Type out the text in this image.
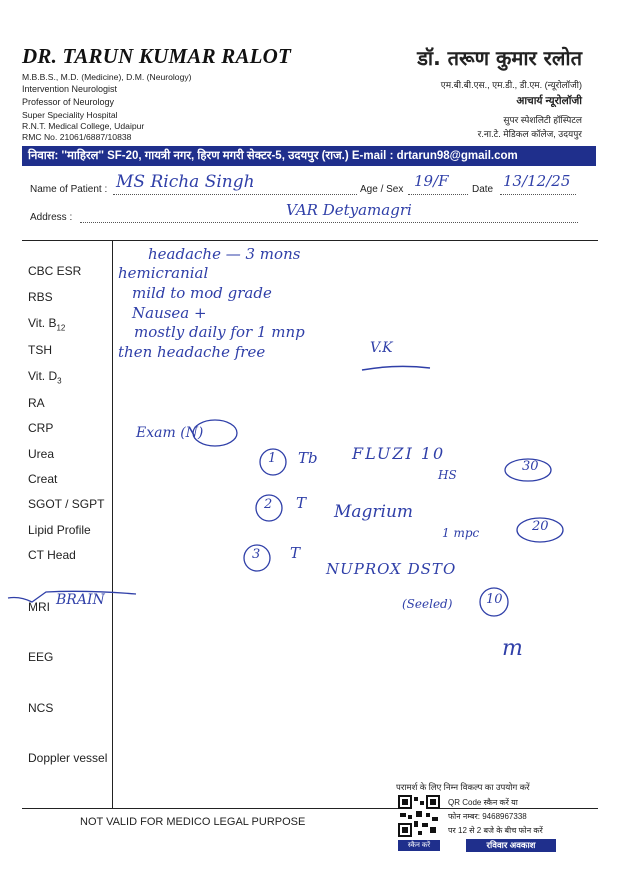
DR. TARUN KUMAR RALOT
M.B.B.S., M.D. (Medicine), D.M. (Neurology)
Intervention Neurologist
Professor of Neurology
Super Speciality Hospital
R.N.T. Medical College, Udaipur
RMC No. 21061/6887/10838
डॉ. तरूण कुमार रलोत
एम.बी.बी.एस., एम.डी., डी.एम. (न्यूरोलॉजी)
आचार्य न्यूरोलॉजी
सुपर स्पेशलिटी हॉस्पिटल
र.ना.टे. मेडिकल कॉलेज, उदयपुर
निवास: ''माहिरल'' SF-20, गायत्री नगर, हिरण मगरी सेक्टर-5, उदयपुर (राज.) E-mail : drtarun98@gmail.com
Name of Patient : MS Richa Singh	Age / Sex 19/F Date 13/12/25
Address :	VAR Detyamagri
CBC ESR
RBS
Vit. $B_{12}$
TSH
Vit. $D_3$
RA
CRP
Urea
Creat
SGOT / SGPT
Lipid Profile
CT Head
MRI
EEG
NCS
Doppler vessel
headache — 3 mons
hemicranial
mild to mod grade
Nausea +
mostly daily for 1 mnp
then headache free	V.K
Exam (N)
BRAIN
1 Tb FLUZI 10
HS
30
2 T Magrium
1 mpc	20
3 T
NUPROX DSTO
(Seeled)	10
m
NOT VALID FOR MEDICO LEGAL PURPOSE
परामर्श के लिए निम्न विकल्प का उपयोग करें
स्कैन करें
QR Code स्कैन करें या
फोन नम्बर: 9468967338
पर 12 से 2 बजे के बीच फोन करें
रविवार अवकाश
